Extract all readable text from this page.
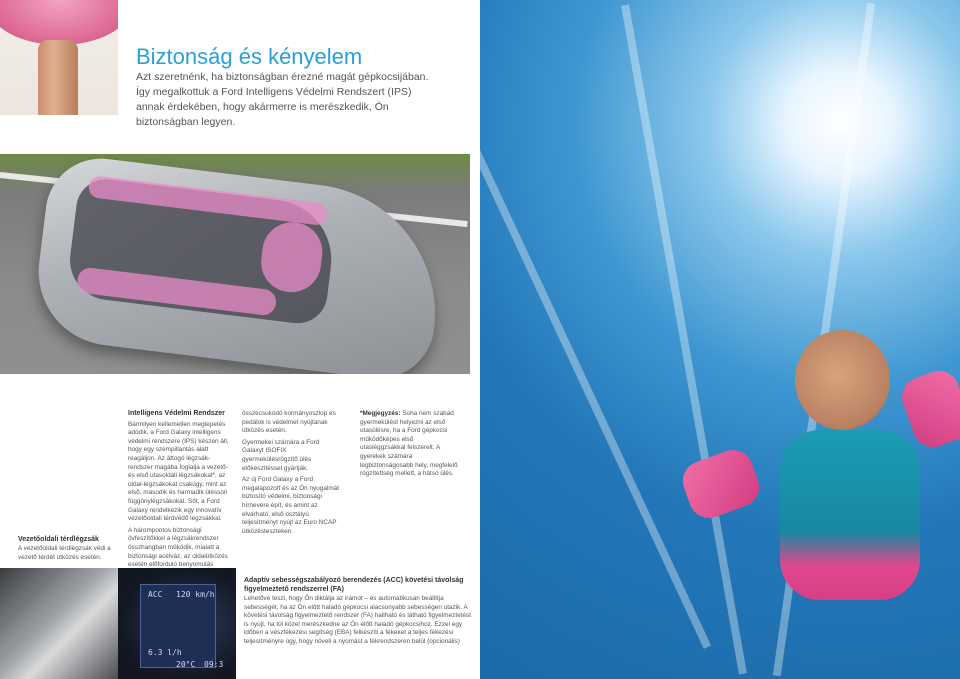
Biztonság és kényelem

Azt szeretnénk, ha biztonságban érezné magát gépkocsijában. Így megalkottuk a Ford Intelligens Védelmi Rendszert (IPS) annak érdekében, hogy akármerre is merészkedik, Ön biztonságban legyen.

Intelligens Védelmi Rendszer

Bármilyen kellemetlen meglepetés adódik, a Ford Galaxy intelligens védelmi rendszere (IPS) készen áll, hogy egy szempillantás alatt reagáljon. Az áttogó légzsák-rendszer magába foglalja a vezető- és első utasoldali légzsákokat*, az oldal-légzsákokat csakúgy, mint az első, második és harmadik üléssori függönylégzsákokat. Sőt, a Ford Galaxy rendelkezik egy innovatív vezetőoldali térdvédő légzsákkal.

A hárompontos biztonsági övfeszítőkkel a légzsákrendszer összhangban működik, mialatt a biztonsági acélváz, az oldalütközés esetén előforduló benyomulás

összecsukódó kormányoszlop és pedálok is védelmet nyújtanak ütközés esetén.

Gyermekei számára a Ford Galaxyt ISOFIX gyermekülésrögzítő ülés előkészítéssel gyártják.

Az új Ford Galaxy a Ford megalapozott és az Ön nyugalmát biztosító védelmi, biztonsági hírnevére épít, és amint az elvárható, első osztályú teljesítményt nyújt az Euro NCAP ütközésteszteken.

*Megjegyzés: Soha nem szabad gyermekülést helyezni az első utasülésre, ha a Ford gépkocsi működőképes első utasléggzsákkal felszerelt. A gyerekek számára legbiztonságosabb hely, megfelelő rögzítettség mellett, a hátsó ülés.

Vezetőoldali térdlégzsák
A vezetőoldali térdlégzsák védi a vezető térdét ütközés esetén.
ACC 120 km/h
6.3 l/h
20°C 09:3
Adaptív sebességszabályozó berendezés (ACC) követési távolság figyelmeztető rendszerrel (FA)
Lehetővé teszi, hogy Ön diktálja az irámot – és automatikusan beállítja sebességét, ha az Ön előtt haladó gépkocsi alacsonyabb sebességen utazik. A követési távolság figyelmeztető rendszer (FA) hallható és látható figyelmeztetést is nyújt, ha túl közel merészkedne az Ön előtt haladó gépkocsihoz. Ezzel egy időben a vészfékezési segítség (EBA) felkészíti a fékeket a teljes fékezési teljesítményre úgy, hogy növeli a nyomást a fékrendszeren belül (opcionális)
